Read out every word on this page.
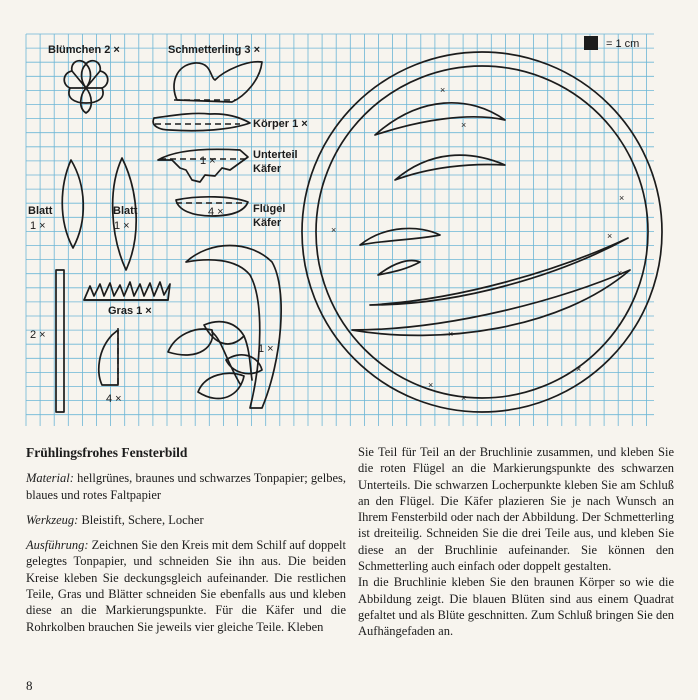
= 1 cm
Blümchen 2 ×	Schmetterling 3 ×
Körper 1 ×
1 ×	Unterteil
Käfer
4 ×	Flügel
Käfer
Blatt
1 ×
Blatt
1 ×
2 ×
Gras 1 ×
4 ×
1 ×
×
×
×
×
×
×
×
×
×
×

Frühlingsfrohes Fensterbild

Material: hellgrünes, braunes und schwarzes Tonpapier; gelbes, blaues und rotes Faltpapier

Werkzeug: Bleistift, Schere, Locher

Ausführung: Zeichnen Sie den Kreis mit dem Schilf auf doppelt gelegtes Tonpapier, und schneiden Sie ihn aus. Die beiden Kreise kleben Sie deckungsgleich aufeinander. Die restlichen Teile, Gras und Blätter schneiden Sie ebenfalls aus und kleben diese an die Markierungspunkte. Für die Käfer und die Rohrkolben brauchen Sie jeweils vier gleiche Teile. Kleben

Sie Teil für Teil an der Bruchlinie zusammen, und kleben Sie die roten Flügel an die Markierungspunkte des schwarzen Unterteils. Die schwarzen Locherpunkte kleben Sie am Schluß an den Flügel. Die Käfer plazieren Sie je nach Wunsch an Ihrem Fensterbild oder nach der Abbildung. Der Schmetterling ist dreiteilig. Schneiden Sie die drei Teile aus, und kleben Sie diese an der Bruchlinie aufeinander. Sie können den Schmetterling auch einfach oder doppelt gestalten.

In die Bruchlinie kleben Sie den braunen Körper so wie die Abbildung zeigt. Die blauen Blüten sind aus einem Quadrat gefaltet und als Blüte geschnitten. Zum Schluß bringen Sie den Aufhängefaden an.

8
